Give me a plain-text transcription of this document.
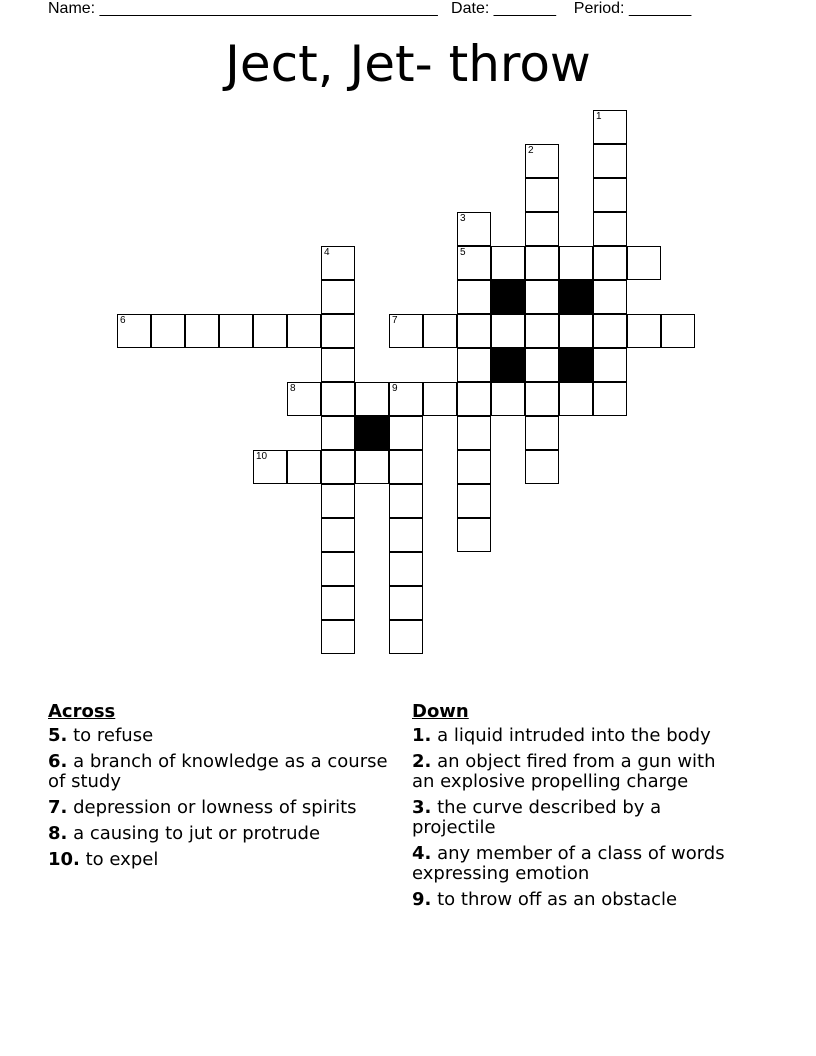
Name: ______________________________________   Date: _______    Period: _______
Ject, Jet- throw
1
2
3
5
4
6	7
8	9
10
Across
5. to refuse
6. a branch of knowledge as a course of study
7. depression or lowness of spirits
8. a causing to jut or protrude
10. to expel
Down
1. a liquid intruded into the body
2. an object fired from a gun with an explosive propelling charge
3. the curve described by a projectile
4. any member of a class of words expressing emotion
9. to throw off as an obstacle
